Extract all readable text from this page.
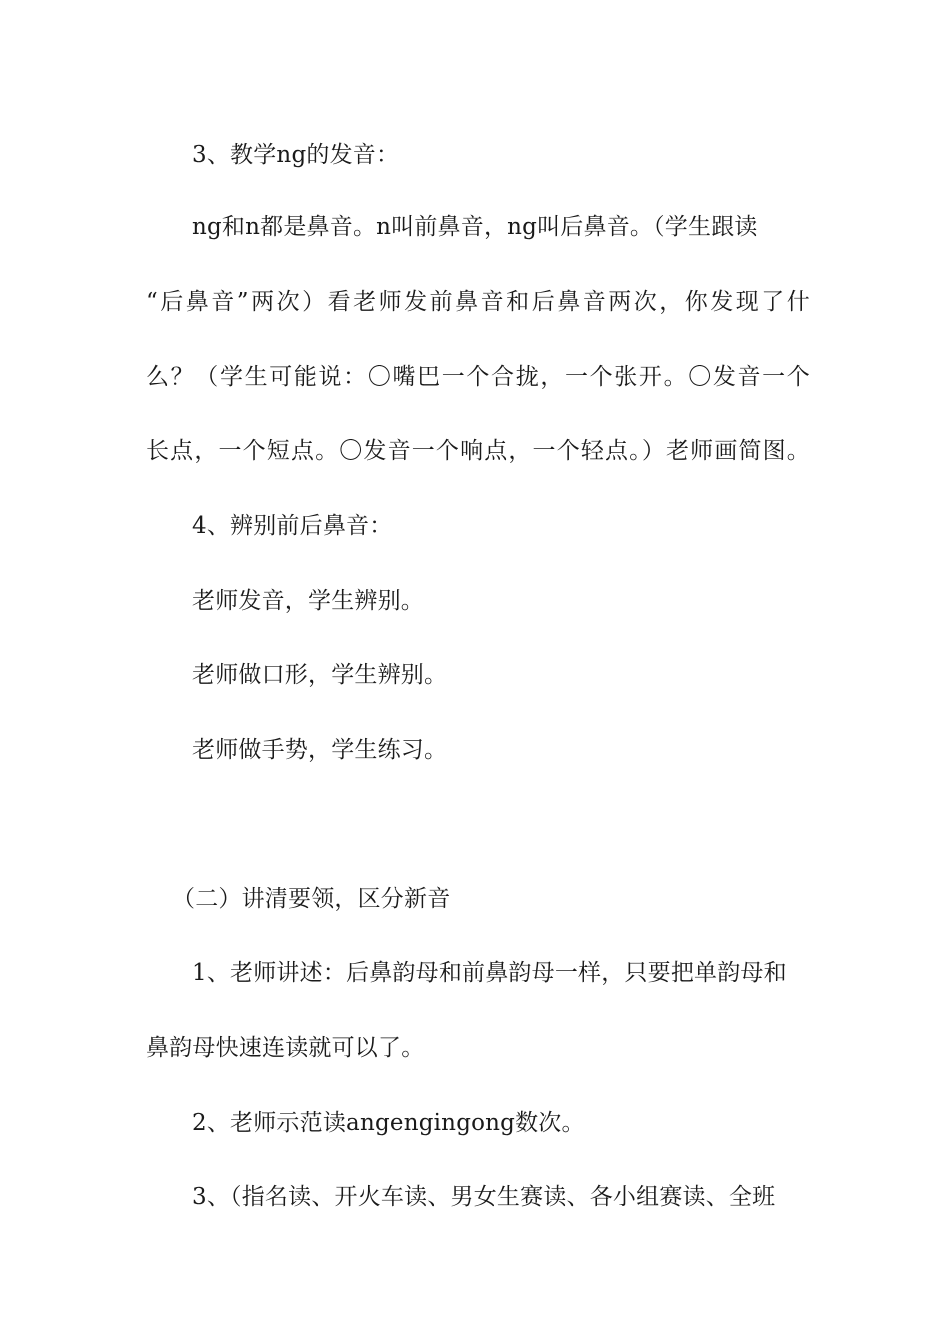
3、教学ng的发音：
ng和n都是鼻音。n叫前鼻音，ng叫后鼻音。（学生跟读
“后鼻音”两次）看老师发前鼻音和后鼻音两次，你发现了什
么？（学生可能说：〇嘴巴一个合拢，一个张开。〇发音一个
长点，一个短点。〇发音一个响点，一个轻点。）老师画简图。
4、辨别前后鼻音：
老师发音，学生辨别。
老师做口形，学生辨别。
老师做手势，学生练习。
（二）讲清要领，区分新音
1、老师讲述：后鼻韵母和前鼻韵母一样，只要把单韵母和
鼻韵母快速连读就可以了。
2、老师示范读angengingong数次。
3、（指名读、开火车读、男女生赛读、各小组赛读、全班
